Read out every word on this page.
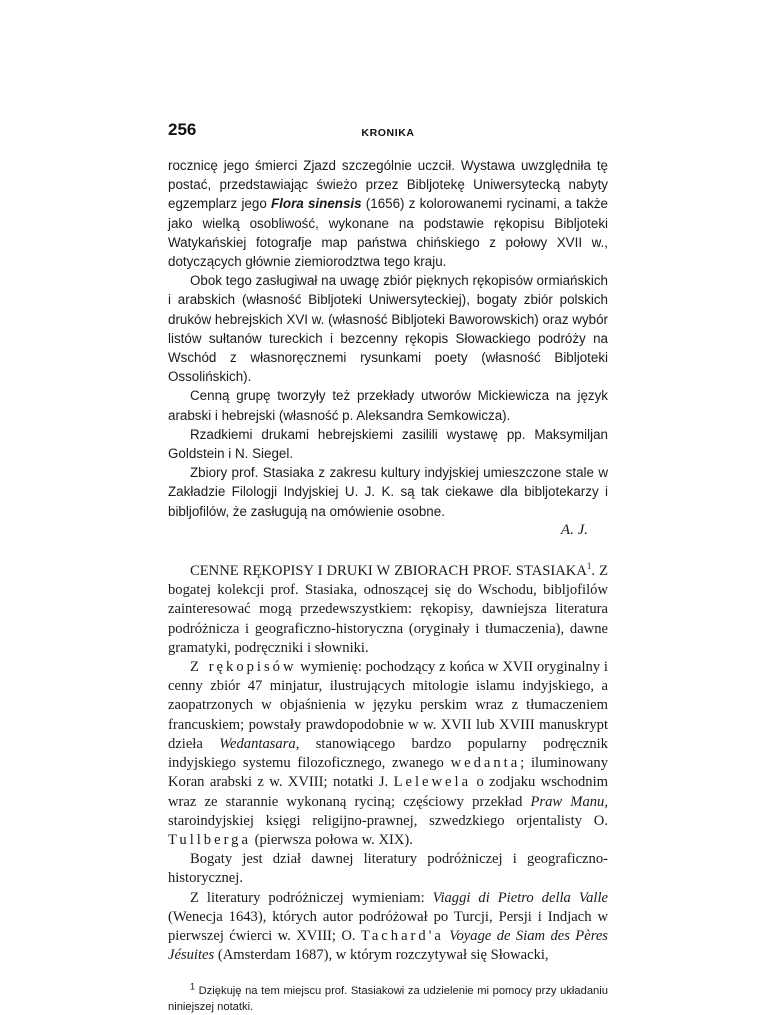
256	KRONIKA

rocznicę jego śmierci Zjazd szczególnie uczcił. Wystawa uwzględniła tę postać, przedstawiając świeżo przez Bibljotekę Uniwersytecką nabyty egzemplarz jego Flora sinensis (1656) z kolorowanemi rycinami, a także jako wielką osobliwość, wykonane na podstawie rękopisu Bibljoteki Watykańskiej fotografje map państwa chińskiego z połowy XVII w., dotyczących głównie ziemiorodztwa tego kraju.

Obok tego zasługiwał na uwagę zbiór pięknych rękopisów ormiańskich i arabskich (własność Bibljoteki Uniwersyteckiej), bogaty zbiór polskich druków hebrejskich XVI w. (własność Bibljoteki Baworowskich) oraz wybór listów sułtanów tureckich i bezcenny rękopis Słowackiego podróży na Wschód z własnoręcznemi rysunkami poety (własność Bibljoteki Ossolińskich).

Cenną grupę tworzyły też przekłady utworów Mickiewicza na język arabski i hebrejski (własność p. Aleksandra Semkowicza).

Rzadkiemi drukami hebrejskiemi zasilili wystawę pp. Maksymiljan Goldstein i N. Siegel.

Zbiory prof. Stasiaka z zakresu kultury indyjskiej umieszczone stale w Zakładzie Filologji Indyjskiej U. J. K. są tak ciekawe dla bibljotekarzy i bibljofilów, że zasługują na omówienie osobne.

A. J.

CENNE RĘKOPISY I DRUKI W ZBIORACH PROF. STASIAKA$^1$. Z bogatej kolekcji prof. Stasiaka, odnoszącej się do Wschodu, bibljofilów zainteresować mogą przedewszystkiem: rękopisy, dawniejsza literatura podróżnicza i geograficzno-historyczna (oryginały i tłumaczenia), dawne gramatyki, podręczniki i słowniki.

Z rękopisów wymienię: pochodzący z końca w XVII oryginalny i cenny zbiór 47 minjatur, ilustrujących mitologie islamu indyjskiego, a zaopatrzonych w objaśnienia w języku perskim wraz z tłumaczeniem francuskiem; powstały prawdopodobnie w w. XVII lub XVIII manuskrypt dzieła Wedantasara, stanowiącego bardzo popularny podręcznik indyjskiego systemu filozoficznego, zwanego wedanta; iluminowany Koran arabski z w. XVIII; notatki J. Lelewela o zodjaku wschodnim wraz ze starannie wykonaną ryciną; częściowy przekład Praw Manu, staroindyjskiej księgi religijno-prawnej, szwedzkiego orjentalisty O. Tullberga (pierwsza połowa w. XIX).

Bogaty jest dział dawnej literatury podróżniczej i geograficzno-historycznej.

Z literatury podróżniczej wymieniam: Viaggi di Pietro della Valle (Wenecja 1643), których autor podróżował po Turcji, Persji i Indjach w pierwszej ćwierci w. XVIII; O. Tachard'a Voyage de Siam des Pères Jésuites (Amsterdam 1687), w którym rozczytywał się Słowacki,

$^1$ Dziękuję na tem miejscu prof. Stasiakowi za udzielenie mi pomocy przy układaniu niniejszej notatki.
